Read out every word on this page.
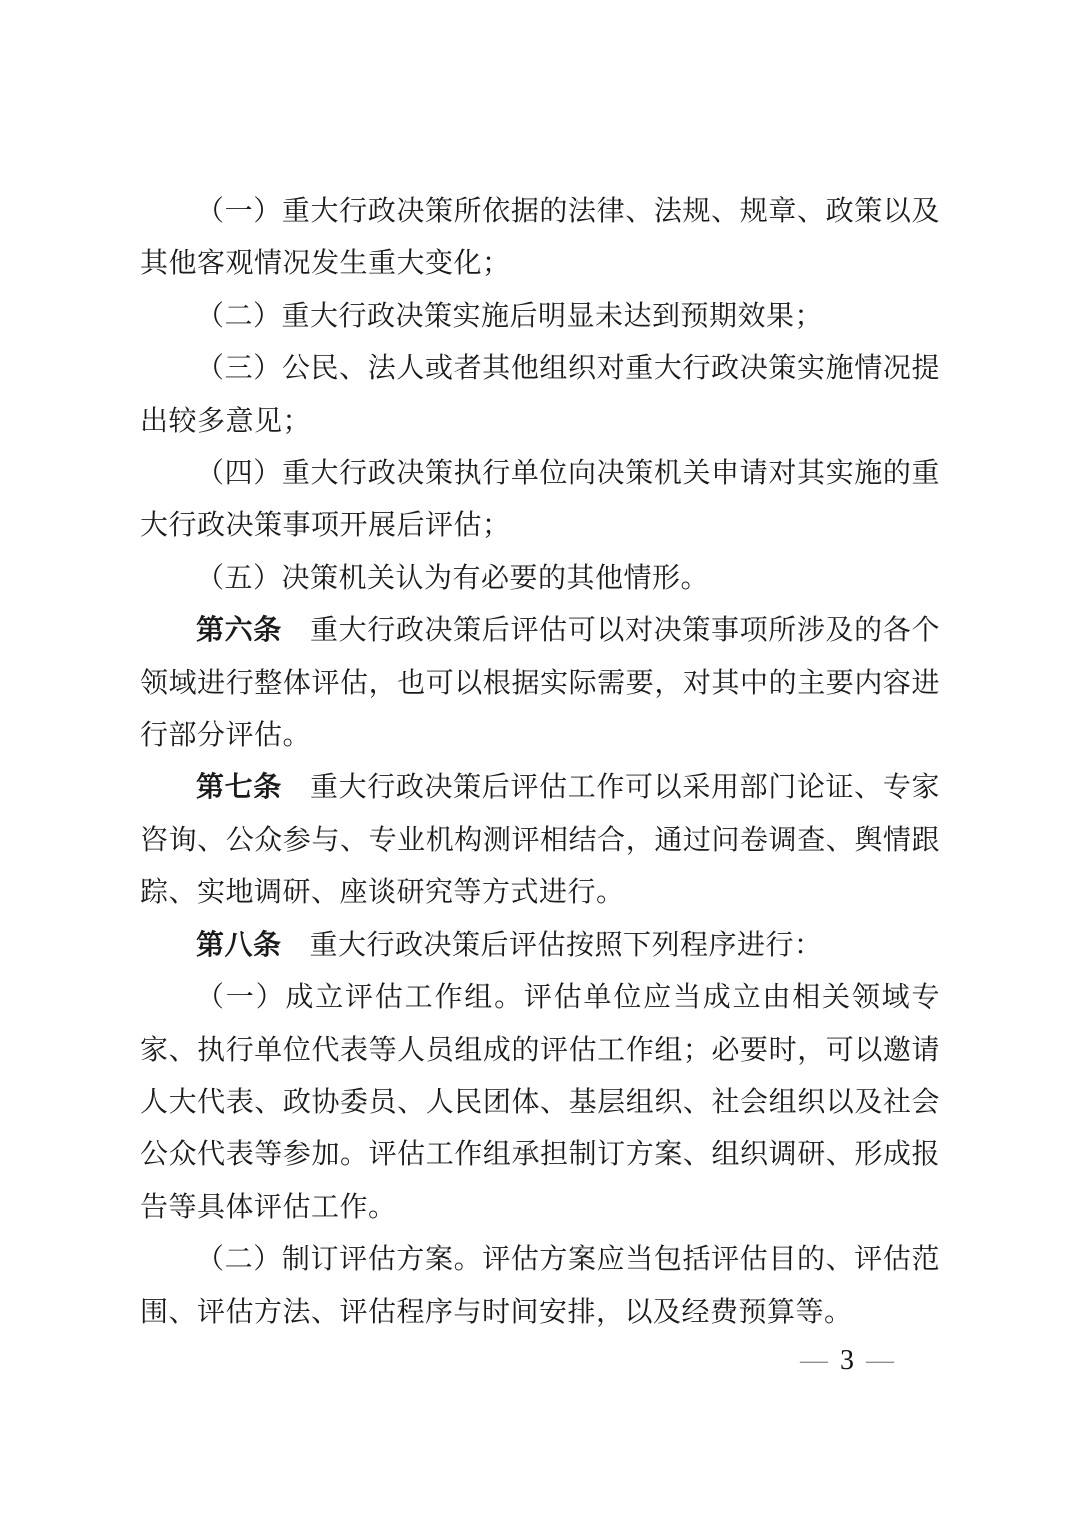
（一）重大行政决策所依据的法律、法规、规章、政策以及其他客观情况发生重大变化；

（二）重大行政决策实施后明显未达到预期效果；

（三）公民、法人或者其他组织对重大行政决策实施情况提出较多意见；

（四）重大行政决策执行单位向决策机关申请对其实施的重大行政决策事项开展后评估；

（五）决策机关认为有必要的其他情形。

第六条 重大行政决策后评估可以对决策事项所涉及的各个领域进行整体评估，也可以根据实际需要，对其中的主要内容进行部分评估。

第七条 重大行政决策后评估工作可以采用部门论证、专家咨询、公众参与、专业机构测评相结合，通过问卷调查、舆情跟踪、实地调研、座谈研究等方式进行。

第八条 重大行政决策后评估按照下列程序进行：

（一）成立评估工作组。评估单位应当成立由相关领域专家、执行单位代表等人员组成的评估工作组；必要时，可以邀请人大代表、政协委员、人民团体、基层组织、社会组织以及社会公众代表等参加。评估工作组承担制订方案、组织调研、形成报告等具体评估工作。

（二）制订评估方案。评估方案应当包括评估目的、评估范围、评估方法、评估程序与时间安排，以及经费预算等。

— 3 —
